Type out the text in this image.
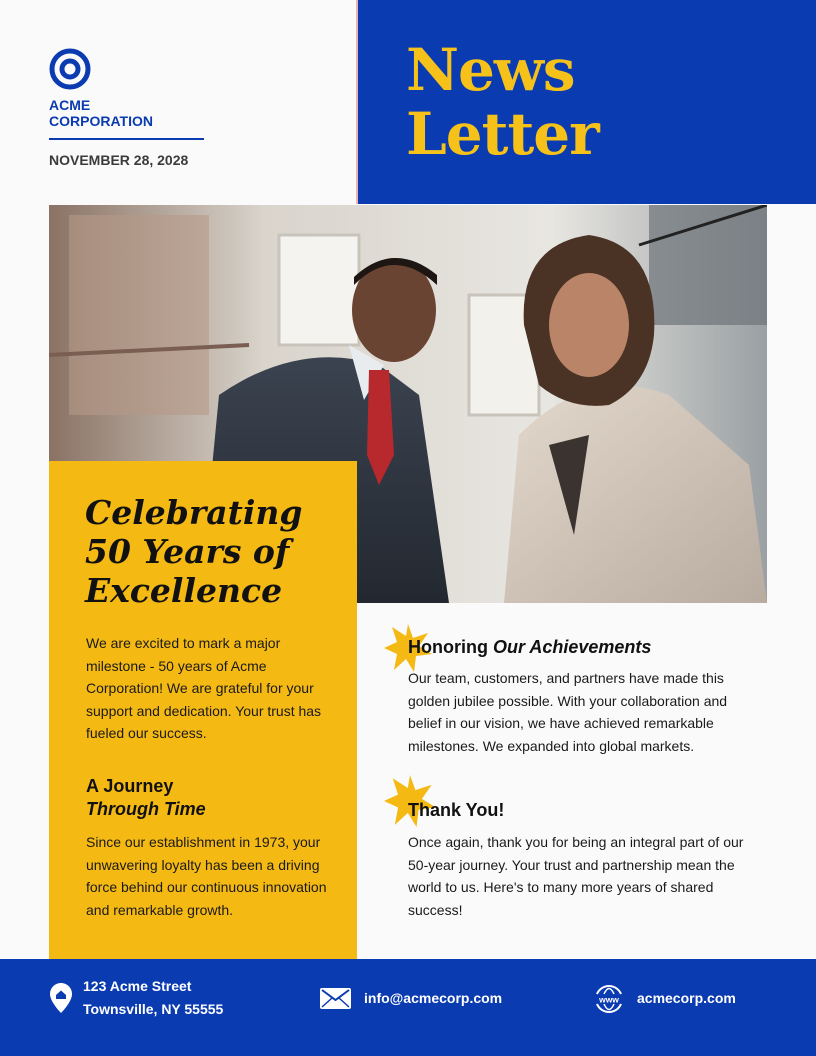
News
Letter
ACME
CORPORATION
NOVEMBER 28, 2028
Celebrating
50 Years of
Excellence

We are excited to mark a major milestone - 50 years of Acme Corporation! We are grateful for your support and dedication. Your trust has fueled our success.

A Journey
Through Time

Since our establishment in 1973, your unwavering loyalty has been a driving force behind our continuous innovation and remarkable growth.

Honoring Our Achievements

Our team, customers, and partners have made this golden jubilee possible. With your collaboration and belief in our vision, we have achieved remarkable milestones. We expanded into global markets.

Thank You!

Once again, thank you for being an integral part of our 50-year journey. Your trust and partnership mean the world to us. Here's to many more years of shared success!

123 Acme Street
Townsville, NY 55555
info@acmecorp.com	www acmecorp.com
